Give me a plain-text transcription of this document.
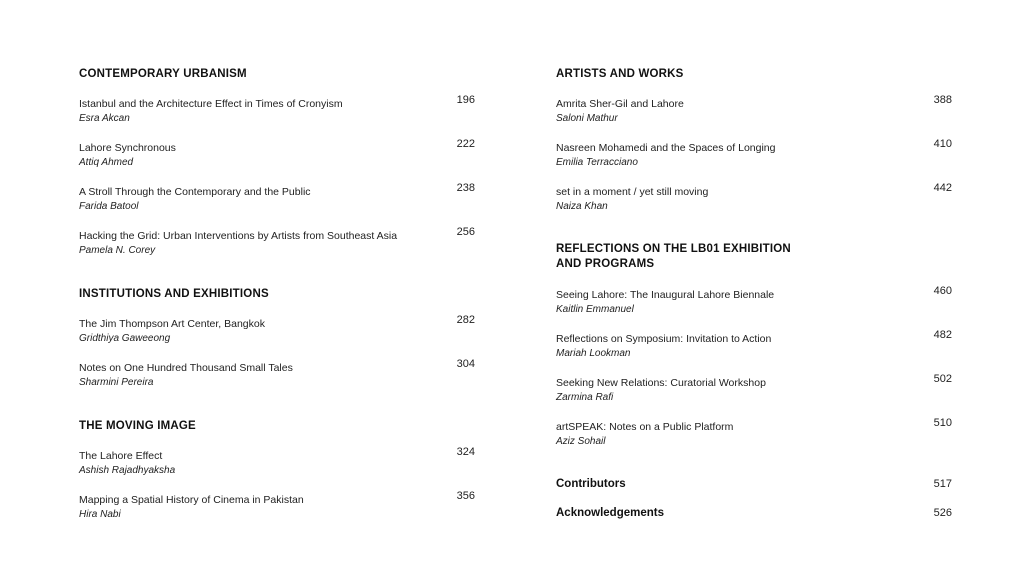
CONTEMPORARY URBANISM
Istanbul and the Architecture Effect in Times of Cronyism
Esra Akcan
196
Lahore Synchronous
Attiq Ahmed
222
A Stroll Through the Contemporary and the Public
Farida Batool
238
Hacking the Grid: Urban Interventions by Artists from Southeast Asia
Pamela N. Corey
256
INSTITUTIONS AND EXHIBITIONS
The Jim Thompson Art Center, Bangkok
Gridthiya Gaweeong
282
Notes on One Hundred Thousand Small Tales
Sharmini Pereira
304
THE MOVING IMAGE
The Lahore Effect
Ashish Rajadhyaksha
324
Mapping a Spatial History of Cinema in Pakistan
Hira Nabi
356
ARTISTS AND WORKS
Amrita Sher-Gil and Lahore
Saloni Mathur
388
Nasreen Mohamedi and the Spaces of Longing
Emilia Terracciano
410
set in a moment / yet still moving
Naiza Khan
442
REFLECTIONS ON THE LB01 EXHIBITION
AND PROGRAMS
Seeing Lahore: The Inaugural Lahore Biennale
Kaitlin Emmanuel
460
Reflections on Symposium: Invitation to Action
Mariah Lookman
482
Seeking New Relations: Curatorial Workshop
Zarmina Rafi
502
artSPEAK: Notes on a Public Platform
Aziz Sohail
510
Contributors	517
Acknowledgements	526
